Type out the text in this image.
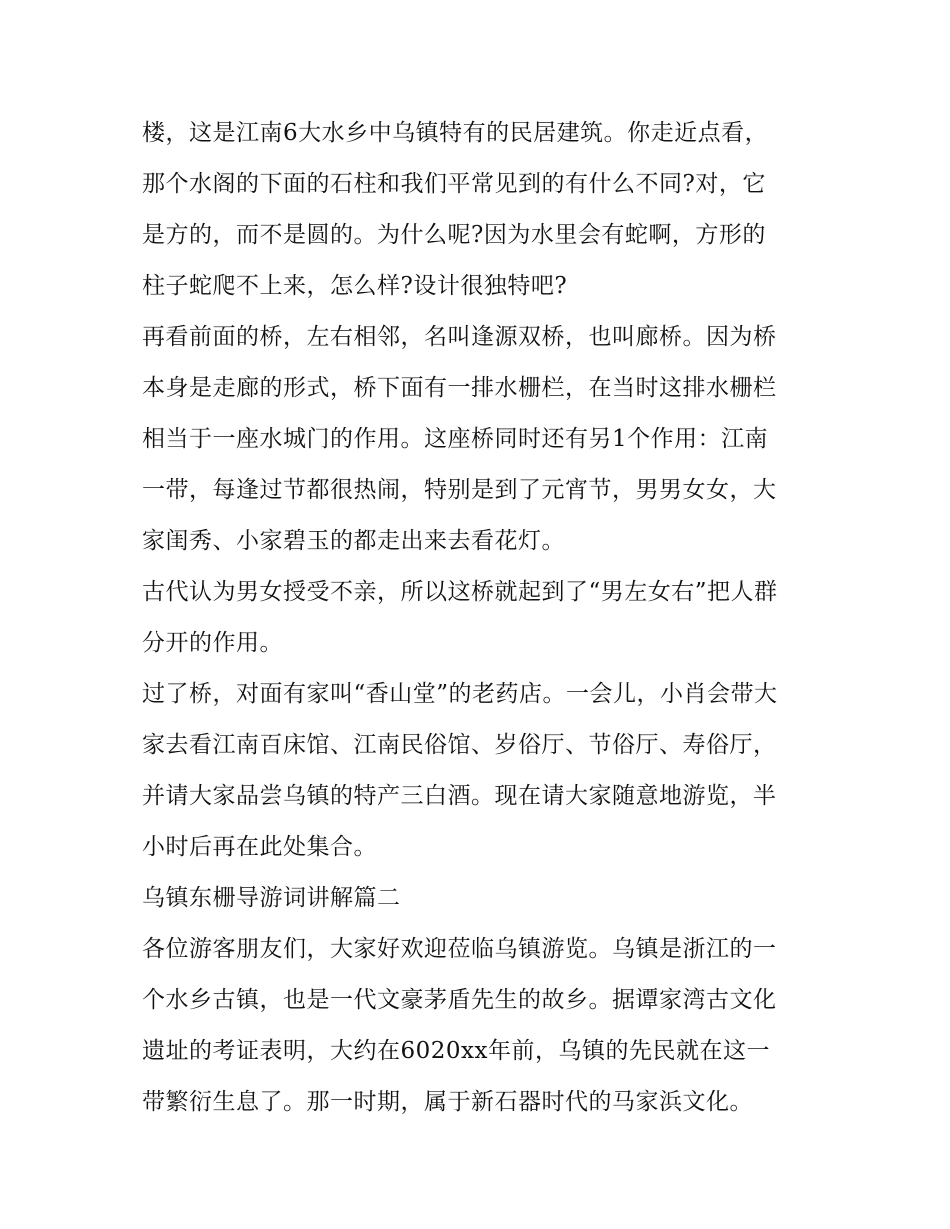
楼，这是江南6大水乡中乌镇特有的民居建筑。你走近点看，
那个水阁的下面的石柱和我们平常见到的有什么不同?对，它
是方的，而不是圆的。为什么呢?因为水里会有蛇啊，方形的
柱子蛇爬不上来，怎么样?设计很独特吧?

再看前面的桥，左右相邻，名叫逢源双桥，也叫廊桥。因为桥
本身是走廊的形式，桥下面有一排水栅栏，在当时这排水栅栏
相当于一座水城门的作用。这座桥同时还有另1个作用：江南
一带，每逢过节都很热闹，特别是到了元宵节，男男女女，大
家闺秀、小家碧玉的都走出来去看花灯。

古代认为男女授受不亲，所以这桥就起到了“男左女右”把人群
分开的作用。

过了桥，对面有家叫“香山堂”的老药店。一会儿，小肖会带大
家去看江南百床馆、江南民俗馆、岁俗厅、节俗厅、寿俗厅，
并请大家品尝乌镇的特产三白酒。现在请大家随意地游览，半
小时后再在此处集合。

乌镇东栅导游词讲解篇二

各位游客朋友们，大家好欢迎莅临乌镇游览。乌镇是浙江的一
个水乡古镇，也是一代文豪茅盾先生的故乡。据谭家湾古文化
遗址的考证表明，大约在6020xx年前，乌镇的先民就在这一
带繁衍生息了。那一时期，属于新石器时代的马家浜文化。
